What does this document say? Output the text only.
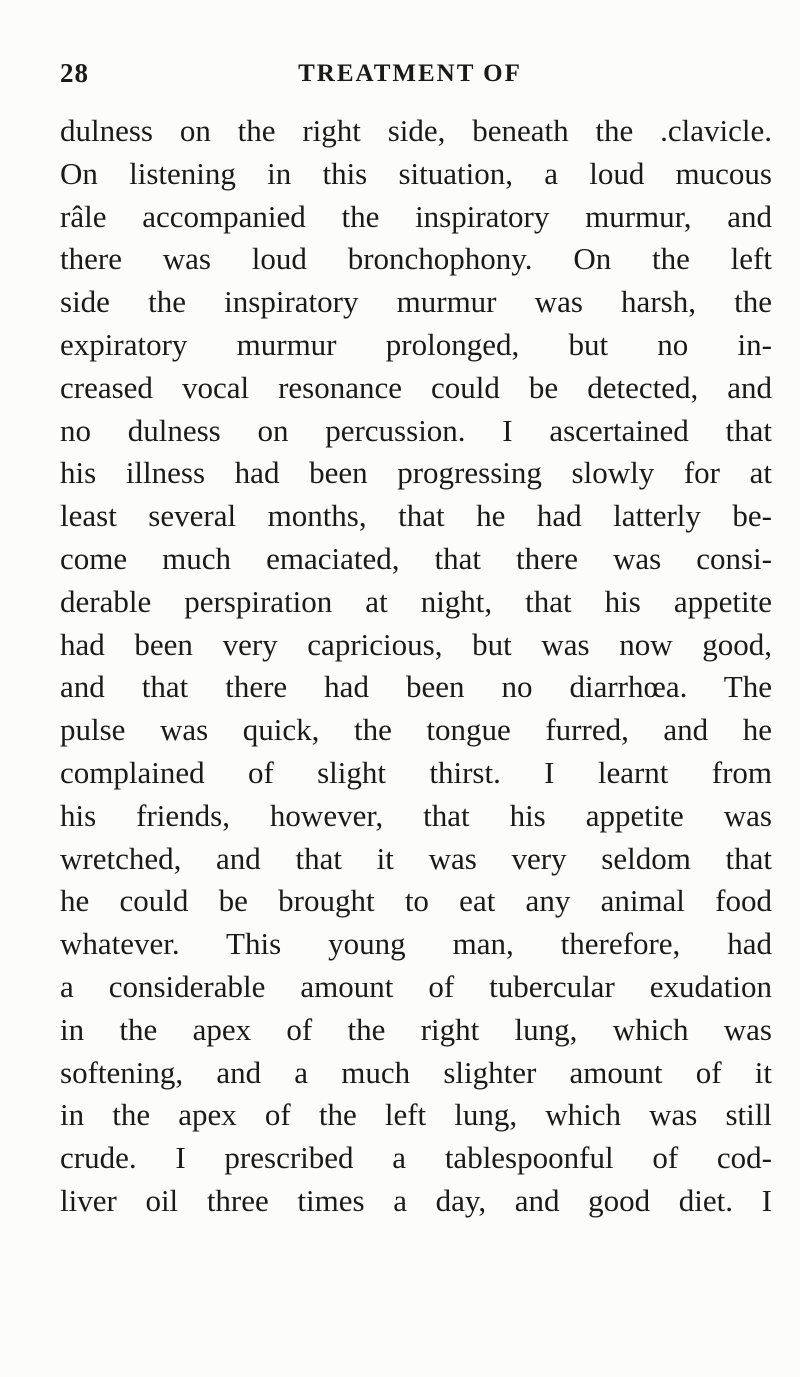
28	TREATMENT OF
dulness on the right side, beneath the .clavicle.
On listening in this situation, a loud mucous
râle accompanied the inspiratory murmur, and
there was loud bronchophony. On the left
side the inspiratory murmur was harsh, the
expiratory murmur prolonged, but no in-
creased vocal resonance could be detected, and
no dulness on percussion. I ascertained that
his illness had been progressing slowly for at
least several months, that he had latterly be-
come much emaciated, that there was consi-
derable perspiration at night, that his appetite
had been very capricious, but was now good,
and that there had been no diarrhœa. The
pulse was quick, the tongue furred, and he
complained of slight thirst. I learnt from
his friends, however, that his appetite was
wretched, and that it was very seldom that
he could be brought to eat any animal food
whatever. This young man, therefore, had
a considerable amount of tubercular exudation
in the apex of the right lung, which was
softening, and a much slighter amount of it
in the apex of the left lung, which was still
crude. I prescribed a tablespoonful of cod-
liver oil three times a day, and good diet. I
